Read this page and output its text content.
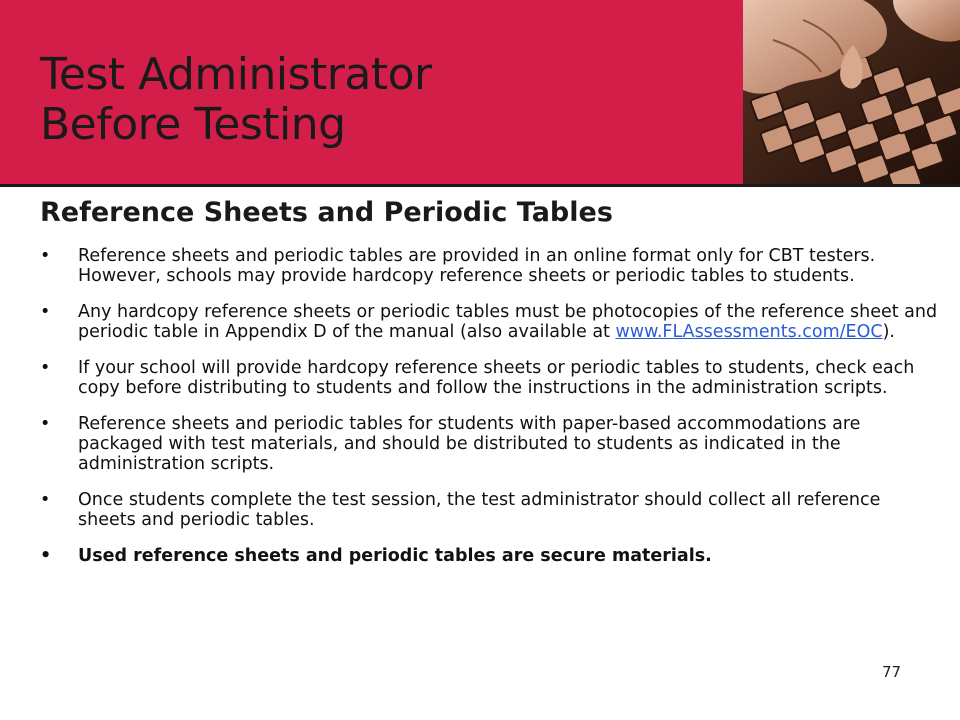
Test Administrator
Before Testing
Reference Sheets and Periodic Tables
• Reference sheets and periodic tables are provided in an online format only for CBT testers. However, schools may provide hardcopy reference sheets or periodic tables to students.
• Any hardcopy reference sheets or periodic tables must be photocopies of the reference sheet and periodic table in Appendix D of the manual (also available at www.FLAssessments.com/EOC).
• If your school will provide hardcopy reference sheets or periodic tables to students, check each copy before distributing to students and follow the instructions in the administration scripts.
• Reference sheets and periodic tables for students with paper-based accommodations are packaged with test materials, and should be distributed to students as indicated in the administration scripts.
• Once students complete the test session, the test administrator should collect all reference sheets and periodic tables.
• Used reference sheets and periodic tables are secure materials.
77
